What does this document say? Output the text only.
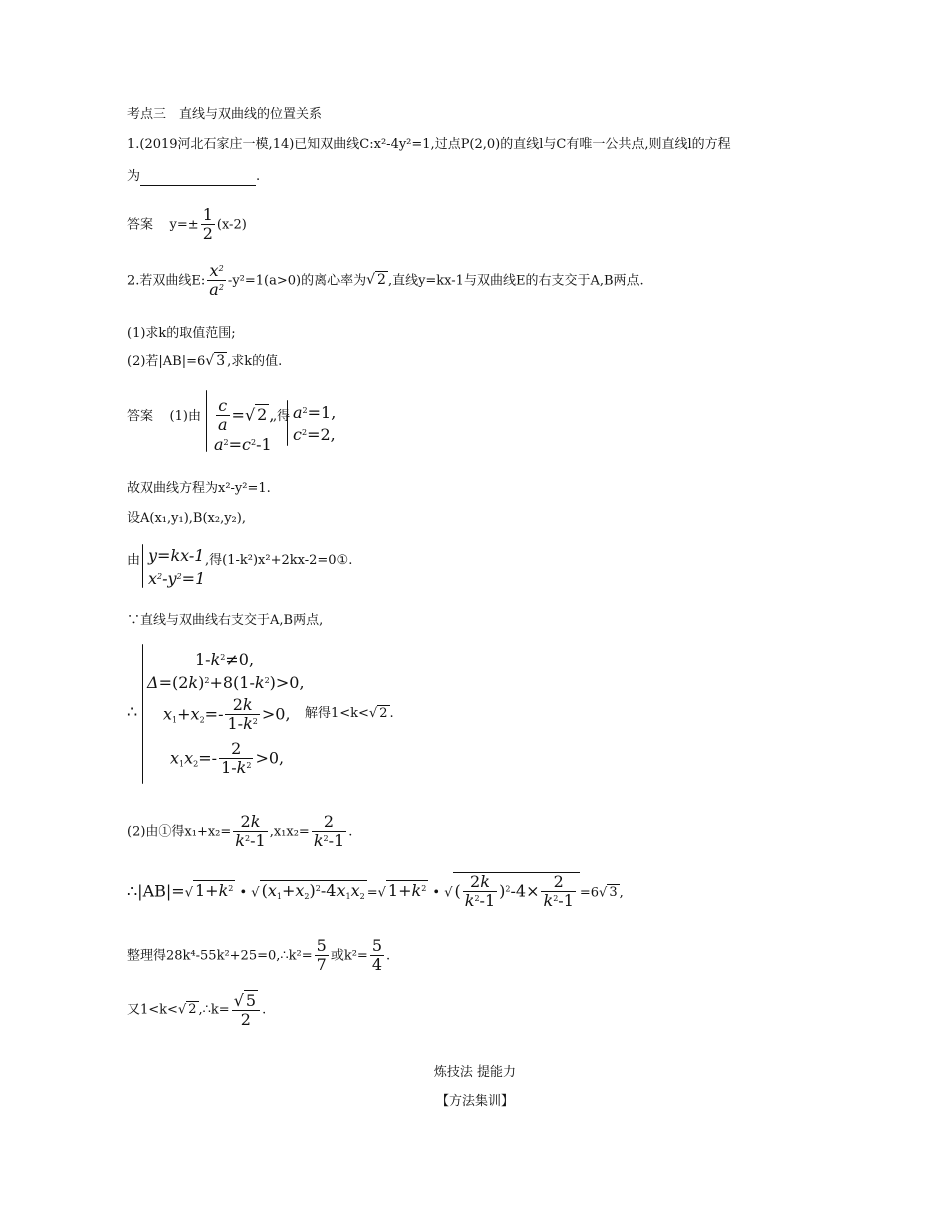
考点三　直线与双曲线的位置关系
1.(2019河北石家庄一模,14)已知双曲线C:x²-4y²=1,过点P(2,0)的直线l与C有唯一公共点,则直线l的方程
为	.
答案 $y=\pm \frac{1}{2} (x-2)$
2.若双曲线E: $\frac{x^2}{a^2} -y^2=1(a>0)$的离心率为√ 2 ,直线y=kx-1与双曲线E的右支交于A,B两点.
(1)求k的取值范围;
(2)若|AB|=6√ 3 ,求k的值.
答案 (1)由 $\frac{c}{a}$ =√ 2 ,
$a^2=c^2-1$
,得 $a^2=1$,
$c^2=2$,
故双曲线方程为x²-y²=1.
设A(x₁,y₁),B(x₂,y₂),
由 y=kx-1
$x^2-y^2=1$
,得(1-k²)x²+2kx-2=0①.
∵直线与双曲线右支交于A,B两点,
∴
$1-k^2\ne 0$,
$\Delta=(2k)^2+8(1-k^2)>0$,
$x_1+x_2=- \frac{2k}{1-k^2} >0$,
$x_1x_2=- \frac{2}{1-k^2} >0$,
解得1<k<√ 2 .
(2)由①得$x_1+x_2= \frac{2k}{k^2-1} ,x_1x_2= \frac{2}{k^2-1}$ .
∴|AB|=√ $1+k^2$ • √ $(x_1+x_2)^2-4x_1x_2$ =√ $1+k^2$ • √ ( $\frac{2k}{k^2-1} )^2-4\times \frac{2}{k^2-1} =6√$ 3 ,
整理得28k⁴-55k²+25=0,∴k²= $\frac{5}{7}$ 或$k^2= \frac{5}{4}$ .
又1<k<√ 2 ,∴k= $\frac{√ 5}{2}$ .
炼技法 提能力
【方法集训】
